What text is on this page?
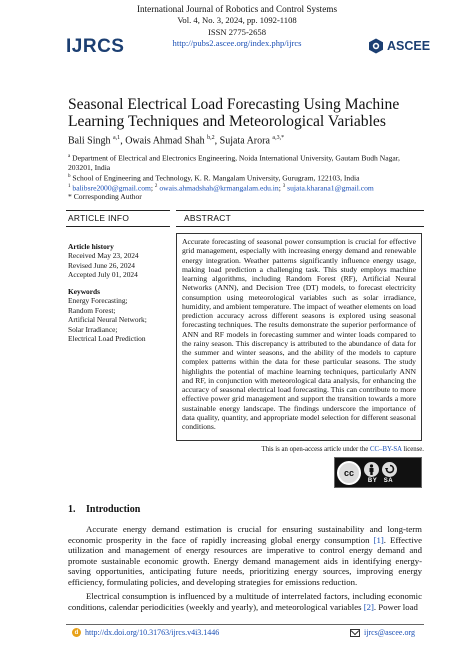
IJRCS
International Journal of Robotics and Control Systems
Vol. 4, No. 3, 2024, pp. 1092-1108
ISSN 2775-2658
http://pubs2.ascee.org/index.php/ijrcs	ASCEE
Seasonal Electrical Load Forecasting Using Machine Learning Techniques and Meteorological Variables
Bali Singh $^{a,1}$, Owais Ahmad Shah $^{b,2}$, Sujata Arora $^{a,3,*}$
$^a$ Department of Electrical and Electronics Engineering, Noida International University, Gautam Budh Nagar, 203201, India
$^b$ School of Engineering and Technology, K. R. Mangalam University, Gurugram, 122103, India
$^1$ balibsre2000@gmail.com; $^2$ owais.ahmadshah@krmangalam.edu.in; $^3$ sujata.kharana1@gmail.com
* Corresponding Author
ARTICLE INFO	ABSTRACT
Article history
Received May 23, 2024
Revised June 26, 2024
Accepted July 01, 2024
Keywords
Energy Forecasting;
Random Forest;
Artificial Neural Network;
Solar Irradiance;
Electrical Load Prediction
Accurate forecasting of seasonal power consumption is crucial for effective grid management, especially with increasing energy demand and renewable energy integration. Weather patterns significantly influence energy usage, making load prediction a challenging task. This study employs machine learning algorithms, including Random Forest (RF), Artificial Neural Networks (ANN), and Decision Tree (DT) models, to forecast electricity consumption using meteorological variables such as solar irradiance, humidity, and ambient temperature. The impact of weather elements on load prediction accuracy across different seasons is explored using seasonal forecasting techniques. The results demonstrate the superior performance of ANN and RF models in forecasting summer and winter loads compared to the rainy season. This discrepancy is attributed to the abundance of data for the summer and winter seasons, and the ability of the models to capture complex patterns within the data for these particular seasons. The study highlights the potential of machine learning techniques, particularly ANN and RF, in conjunction with meteorological data analysis, for enhancing the accuracy of seasonal electrical load forecasting. This can contribute to more effective power grid management and support the transition towards a more sustainable energy landscape. The findings underscore the importance of data quality, quantity, and appropriate model selection for different seasonal conditions.
This is an open-access article under the CC–BY-SA license.
cc
BY SA
1. Introduction
Accurate energy demand estimation is crucial for ensuring sustainability and long-term economic prosperity in the face of rapidly increasing global energy consumption [1]. Effective utilization and management of energy resources are imperative to control energy demand and promote sustainable economic growth. Energy demand management aids in identifying energy-saving opportunities, anticipating future needs, prioritizing energy sources, improving energy efficiency, formulating policies, and developing strategies for emissions reduction.
Electrical consumption is influenced by a multitude of interrelated factors, including economic conditions, calendar periodicities (weekly and yearly), and meteorological variables [2]. Power load
d http://dx.doi.org/10.31763/ijrcs.v4i3.1446	ijrcs@ascee.org
